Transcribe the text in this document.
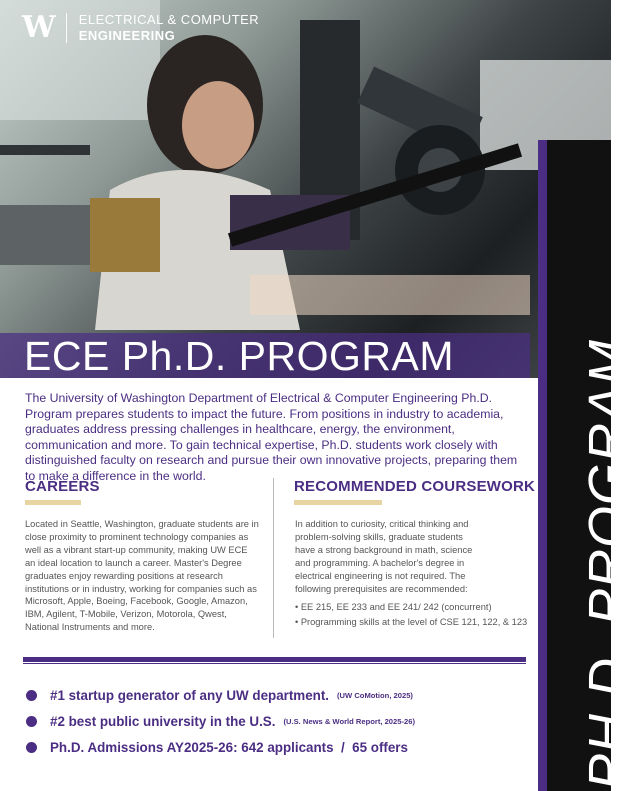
W ELECTRICAL & COMPUTER
ENGINEERING
ECE Ph.D. PROGRAM PH.D. PROGRAM
The University of Washington Department of Electrical & Computer Engineering Ph.D. Program prepares students to impact the future. From positions in industry to academia, graduates address pressing challenges in healthcare, energy, the environment, communication and more. To gain technical expertise, Ph.D. students work closely with distinguished faculty on research and pursue their own innovative projects, preparing them to make a difference in the world.
CAREERS
Located in Seattle, Washington, graduate students are in close proximity to prominent technology companies as well as a vibrant start-up community, making UW ECE an ideal location to launch a career. Master's Degree graduates enjoy rewarding positions at research institutions or in industry, working for companies such as Microsoft, Apple, Boeing, Facebook, Google, Amazon, IBM, Agilent, T-Mobile, Verizon, Motorola, Qwest, National Instruments and more.
RECOMMENDED COURSEWORK

In addition to curiosity, critical thinking and problem-solving skills, graduate students have a strong background in math, science and programming. A bachelor's degree in electrical engineering is not required. The following prerequisites are recommended:

• EE 215, EE 233 and EE 241/ 242 (concurrent)
• Programming skills at the level of CSE 121, 122, & 123
#1 startup generator of any UW department. (UW CoMotion, 2025)
#2 best public university in the U.S. (U.S. News & World Report, 2025-26)
Ph.D. Admissions AY2025-26: 642 applicants  /  65 offers
